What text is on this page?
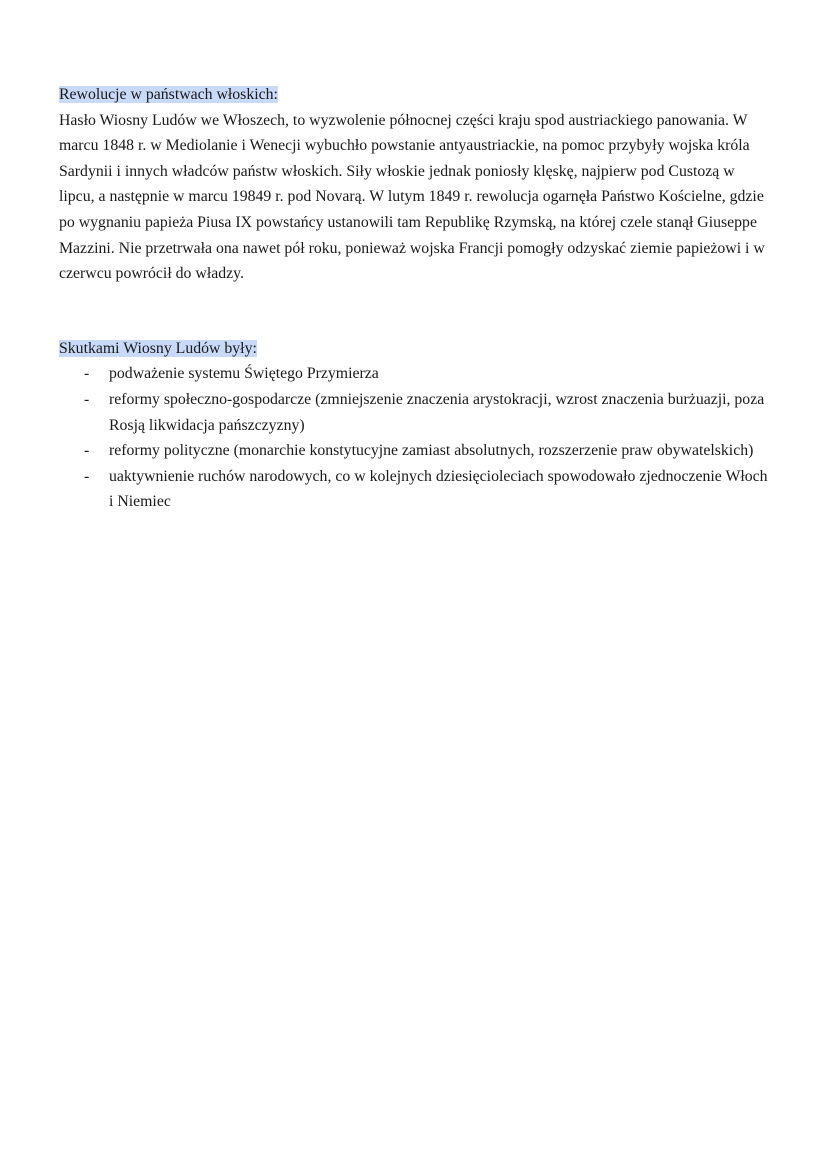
Rewolucje w państwach włoskich:

Hasło Wiosny Ludów we Włoszech, to wyzwolenie północnej części kraju spod austriackiego panowania. W marcu 1848 r. w Mediolanie i Wenecji wybuchło powstanie antyaustriackie, na pomoc przybyły wojska króla Sardynii i innych władców państw włoskich. Siły włoskie jednak poniosły klęskę, najpierw pod Custozą w lipcu, a następnie w marcu 19849 r. pod Novarą. W lutym 1849 r. rewolucja ogarnęła Państwo Kościelne, gdzie po wygnaniu papieża Piusa IX powstańcy ustanowili tam Republikę Rzymską, na której czele stanął Giuseppe Mazzini. Nie przetrwała ona nawet pół roku, ponieważ wojska Francji pomogły odzyskać ziemie papieżowi i w czerwcu powrócił do władzy.

Skutkami Wiosny Ludów były:

- podważenie systemu Świętego Przymierza
- reformy społeczno-gospodarcze (zmniejszenie znaczenia arystokracji, wzrost znaczenia burżuazji, poza Rosją likwidacja pańszczyzny)
- reformy polityczne (monarchie konstytucyjne zamiast absolutnych, rozszerzenie praw obywatelskich)
- uaktywnienie ruchów narodowych, co w kolejnych dziesięcioleciach spowodowało zjednoczenie Włoch i Niemiec
